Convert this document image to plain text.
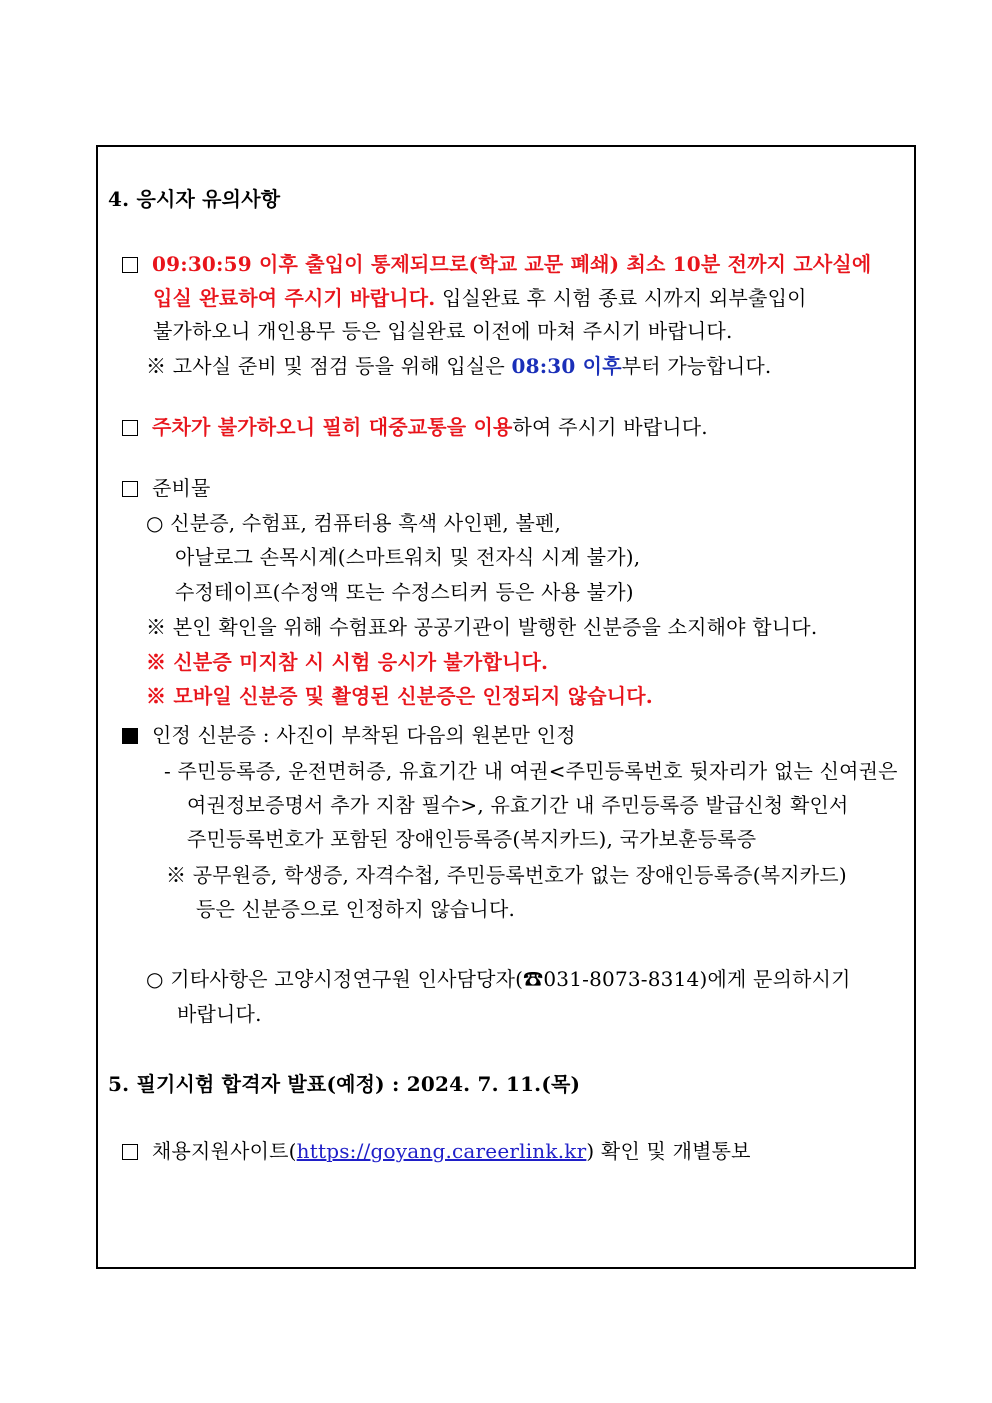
4. 응시자 유의사항
09:30:59 이후 출입이 통제되므로(학교 교문 폐쇄) 최소 10분 전까지 고사실에
입실 완료하여 주시기 바랍니다. 입실완료 후 시험 종료 시까지 외부출입이
불가하오니 개인용무 등은 입실완료 이전에 마쳐 주시기 바랍니다.
※ 고사실 준비 및 점검 등을 위해 입실은 08:30 이후부터 가능합니다.
주차가 불가하오니 필히 대중교통을 이용하여 주시기 바랍니다.
준비물
○ 신분증, 수험표, 컴퓨터용 흑색 사인펜, 볼펜,
아날로그 손목시계(스마트워치 및 전자식 시계 불가),
수정테이프(수정액 또는 수정스티커 등은 사용 불가)
※ 본인 확인을 위해 수험표와 공공기관이 발행한 신분증을 소지해야 합니다.
※ 신분증 미지참 시 시험 응시가 불가합니다.
※ 모바일 신분증 및 촬영된 신분증은 인정되지 않습니다.
인정 신분증 : 사진이 부착된 다음의 원본만 인정
- 주민등록증, 운전면허증, 유효기간 내 여권<주민등록번호 뒷자리가 없는 신여권은
여권정보증명서 추가 지참 필수>, 유효기간 내 주민등록증 발급신청 확인서
주민등록번호가 포함된 장애인등록증(복지카드), 국가보훈등록증
※ 공무원증, 학생증, 자격수첩, 주민등록번호가 없는 장애인등록증(복지카드)
등은 신분증으로 인정하지 않습니다.
○ 기타사항은 고양시정연구원 인사담당자(☎031-8073-8314)에게 문의하시기
바랍니다.
5. 필기시험 합격자 발표(예정) : 2024. 7. 11.(목)
채용지원사이트(https://goyang.careerlink.kr) 확인 및 개별통보
